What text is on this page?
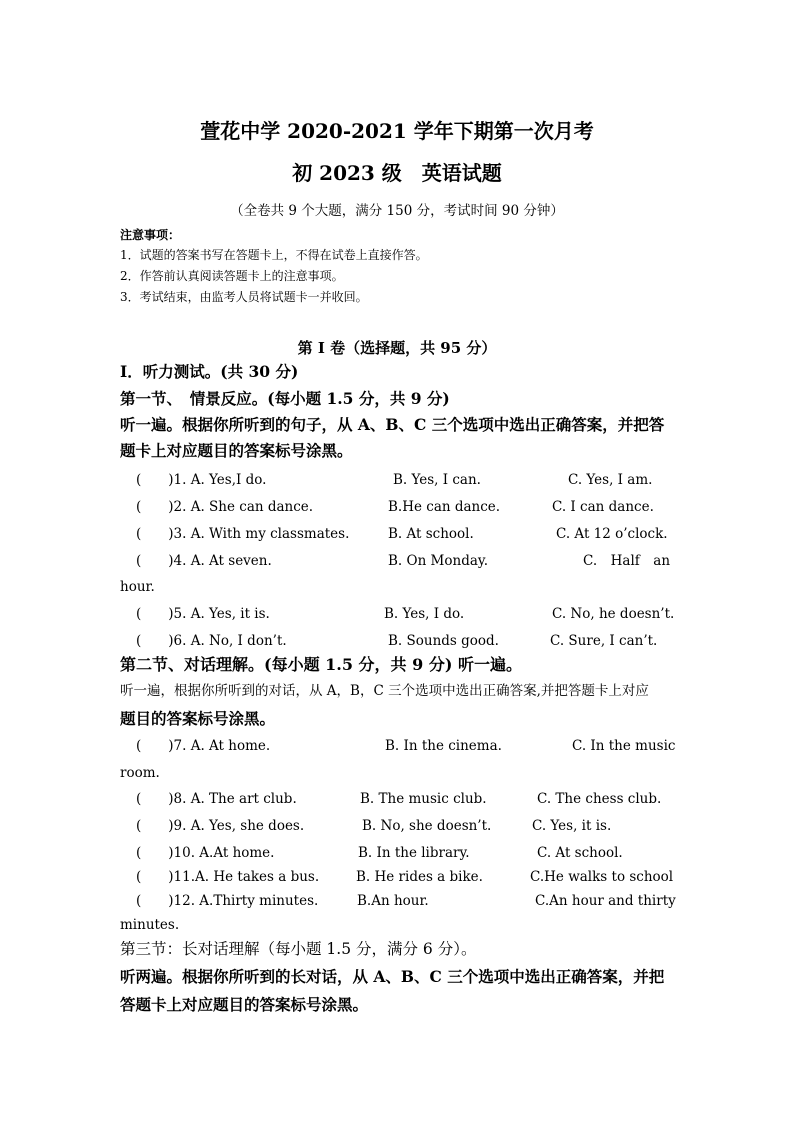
萱花中学 2020-2021 学年下期第一次月考
初 2023 级　英语试题
（全卷共 9 个大题，满分 150 分，考试时间 90 分钟）
注意事项：
1．试题的答案书写在答题卡上，不得在试卷上直接作答。
2．作答前认真阅读答题卡上的注意事项。
3．考试结束，由监考人员将试题卡一并收回。
第 I 卷（选择题，共 95 分）
Ⅰ．听力测试。(共 30 分)
第一节、　情景反应。(每小题 1.5 分，共 9 分)
听一遍。根据你所听到的句子，从 A、B、C 三个选项中选出正确答案，并把答
题卡上对应题目的答案标号涂黑。
(　　)1. A. Yes,I do.	B. Yes, I can.	C. Yes, I am.
(　　)2. A. She can dance.	B.He can dance.	C. I can dance.
(　　)3. A. With my classmates.	B. At school.	C. At 12 o’clock.
(　　)4. A. At seven.	B. On Monday.	C.　Half　an
hour.
(　　)5. A. Yes, it is.	B. Yes, I do.	C. No, he doesn’t.
(　　)6. A. No, I don’t.	B. Sounds good.	C. Sure, I can’t.
第二节、对话理解。(每小题 1.5 分，共 9 分) 听一遍。
听一遍，根据你所听到的对话，从 A，B，C 三个选项中选出正确答案,并把答题卡上对应
题目的答案标号涂黑。
(　　)7. A. At home.	B. In the cinema.	C. In the music
room.
(　　)8. A. The art club.	B. The music club.	C. The chess club.
(　　)9. A. Yes, she does.	B. No, she doesn’t.	C. Yes, it is.
(　　)10. A.At home.	B. In the library.	C. At school.
(　　)11.A. He takes a bus.	B. He rides a bike.	C.He walks to school
(　　)12. A.Thirty minutes.	B.An hour.	C.An hour and thirty
minutes.
第三节：长对话理解（每小题 1.5 分，满分 6 分）。
听两遍。根据你所听到的长对话，从 A、B、C 三个选项中选出正确答案，并把
答题卡上对应题目的答案标号涂黑。
